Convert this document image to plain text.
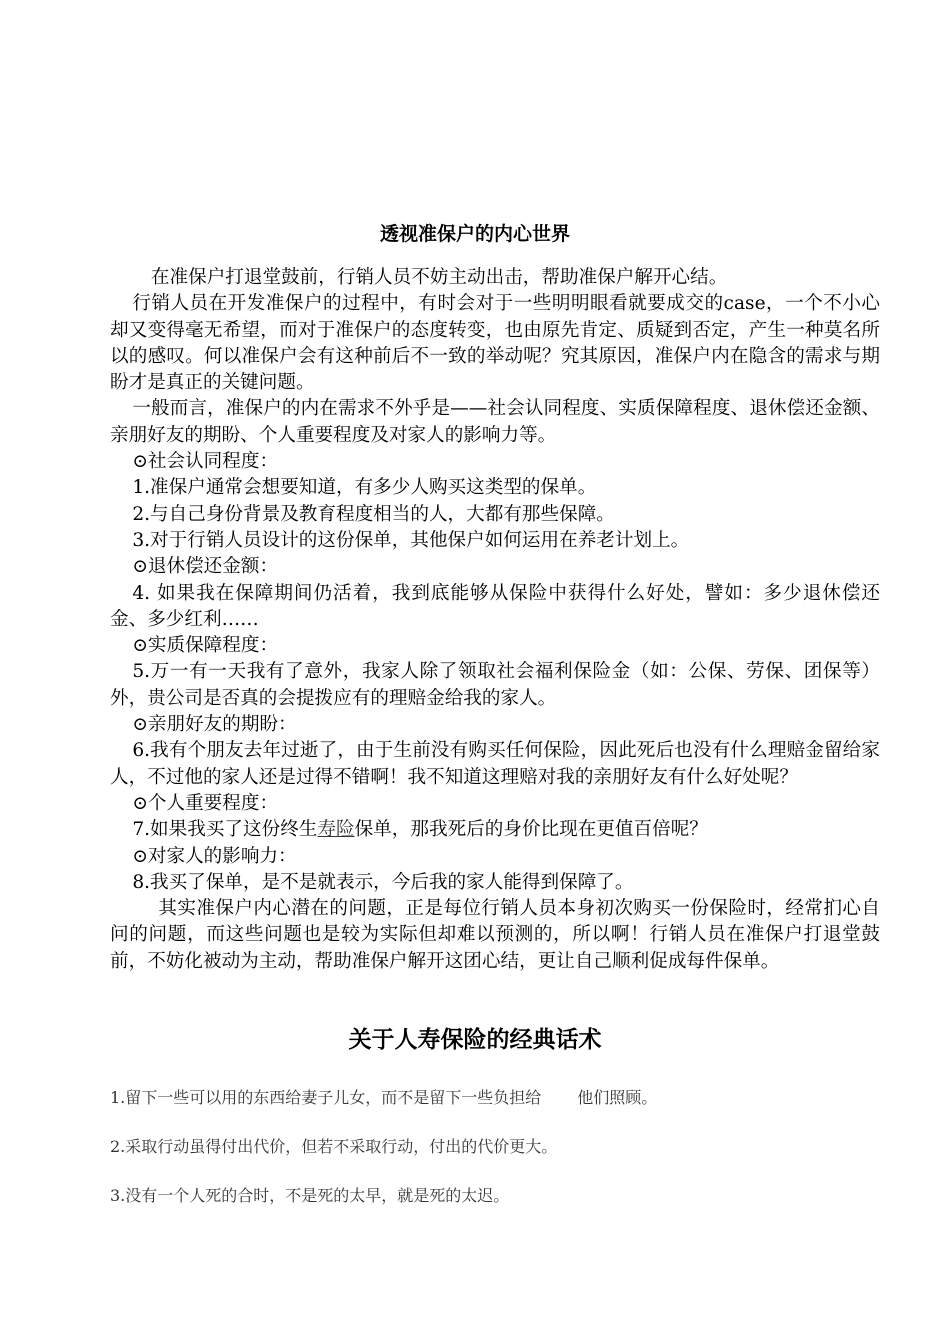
透视准保户的内心世界

在准保户打退堂鼓前，行销人员不妨主动出击，帮助准保户解开心结。

行销人员在开发准保户的过程中，有时会对于一些明明眼看就要成交的case，一个不小心却又变得毫无希望，而对于准保户的态度转变，也由原先肯定、质疑到否定，产生一种莫名所以的感叹。何以准保户会有这种前后不一致的举动呢？究其原因，准保户内在隐含的需求与期盼才是真正的关键问题。

一般而言，准保户的内在需求不外乎是——社会认同程度、实质保障程度、退休偿还金额、亲朋好友的期盼、个人重要程度及对家人的影响力等。

⊙社会认同程度：

1.准保户通常会想要知道，有多少人购买这类型的保单。

2.与自己身份背景及教育程度相当的人，大都有那些保障。

3.对于行销人员设计的这份保单，其他保户如何运用在养老计划上。

⊙退休偿还金额：

4. 如果我在保障期间仍活着，我到底能够从保险中获得什么好处，譬如：多少退休偿还金、多少红利……

⊙实质保障程度：

5.万一有一天我有了意外，我家人除了领取社会福利保险金（如：公保、劳保、团保等）外，贵公司是否真的会提拨应有的理赔金给我的家人。

⊙亲朋好友的期盼：

6.我有个朋友去年过逝了，由于生前没有购买任何保险，因此死后也没有什么理赔金留给家人，不过他的家人还是过得不错啊！我不知道这理赔对我的亲朋好友有什么好处呢？

⊙个人重要程度：

7.如果我买了这份终生寿险保单，那我死后的身价比现在更值百倍呢？

⊙对家人的影响力：

8.我买了保单，是不是就表示，今后我的家人能得到保障了。

其实准保户内心潜在的问题，正是每位行销人员本身初次购买一份保险时，经常扪心自问的问题，而这些问题也是较为实际但却难以预测的，所以啊！行销人员在准保户打退堂鼓前，不妨化被动为主动，帮助准保户解开这团心结，更让自己顺利促成每件保单。

关于人寿保险的经典话术
1.留下一些可以用的东西给妻子儿女，而不是留下一些负担给 他们照顾。
2.采取行动虽得付出代价，但若不采取行动，付出的代价更大。
3.没有一个人死的合时，不是死的太早，就是死的太迟。
